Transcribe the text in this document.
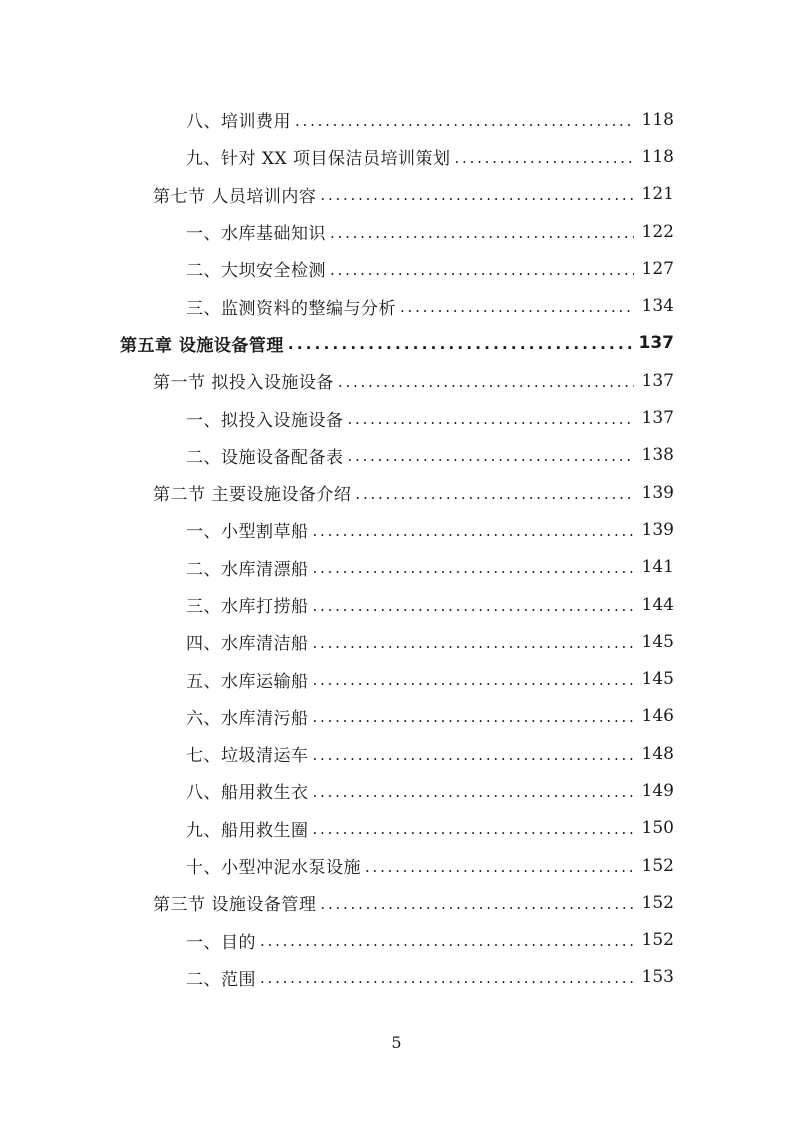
八、培训费用 . . .	118
九、针对 XX 项目保洁员培训策划 . . .	118
第七节 人员培训内容 . . .	121
一、水库基础知识 . . .	122
二、大坝安全检测 . . .	127
三、监测资料的整编与分析 . . .	134
第五章 设施设备管理 . . .	137
第一节 拟投入设施设备 . . .	137
一、拟投入设施设备 . . .	137
二、设施设备配备表 . . .	138
第二节 主要设施设备介绍 . . .	139
一、小型割草船 . . .	139
二、水库清漂船 . . .	141
三、水库打捞船 . . .	144
四、水库清洁船 . . .	145
五、水库运输船 . . .	145
六、水库清污船 . . .	146
七、垃圾清运车 . . .	148
八、船用救生衣 . . .	149
九、船用救生圈 . . .	150
十、小型冲泥水泵设施 . . .	152
第三节 设施设备管理 . . .	152
一、目的 . . .	152
二、范围 . . .	153
5
